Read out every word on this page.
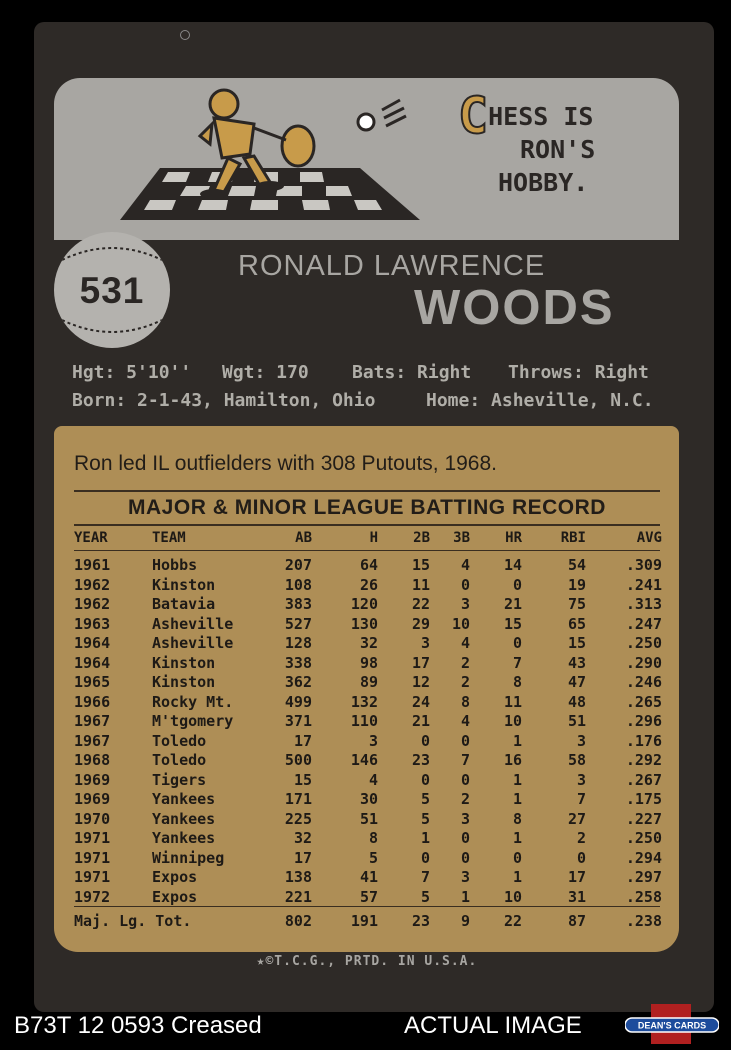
CHESS IS
RON'S
HOBBY.
531
RONALD LAWRENCE
WOODS
Hgt: 5'10'' Wgt: 170 Bats: Right Throws: Right
Born: 2-1-43, Hamilton, Ohio	Home: Asheville, N.C.
Ron led IL outfielders with 308 Putouts, 1968.
MAJOR & MINOR LEAGUE BATTING RECORD
YEAR	TEAM	AB	H	2B	3B	HR	RBI	AVG
1961	Hobbs	207	64	15	4	14	54	.309
1962	Kinston	108	26	11	0	0	19	.241
1962	Batavia	383	120	22	3	21	75	.313
1963	Asheville	527	130	29	10	15	65	.247
1964	Asheville	128	32	3	4	0	15	.250
1964	Kinston	338	98	17	2	7	43	.290
1965	Kinston	362	89	12	2	8	47	.246
1966	Rocky Mt.	499	132	24	8	11	48	.265
1967	M'tgomery	371	110	21	4	10	51	.296
1967	Toledo	17	3	0	0	1	3	.176
1968	Toledo	500	146	23	7	16	58	.292
1969	Tigers	15	4	0	0	1	3	.267
1969	Yankees	171	30	5	2	1	7	.175
1970	Yankees	225	51	5	3	8	27	.227
1971	Yankees	32	8	1	0	1	2	.250
1971	Winnipeg	17	5	0	0	0	0	.294
1971	Expos	138	41	7	3	1	17	.297
1972	Expos	221	57	5	1	10	31	.258
Maj. Lg. Tot.	802	191	23	9	22	87	.238
★©T.C.G., PRTD. IN U.S.A.
B73T 12 0593 Creased	ACTUAL IMAGE	DEAN'S CARDS
